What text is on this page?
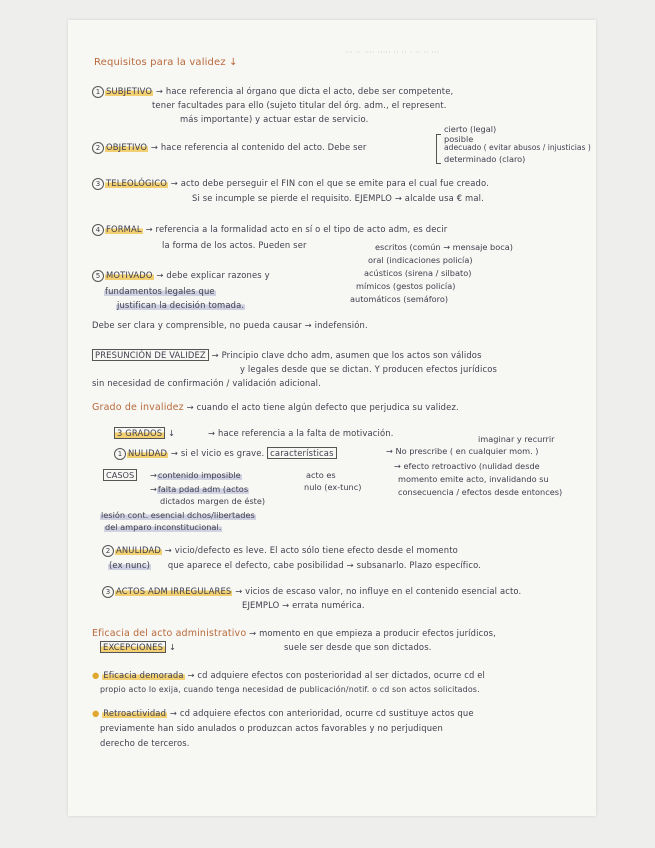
Requisitos para la validez ↓
··· ·· ···· ····· ·· ·· · ·· ·· ···
1 SUBJETIVO → hace referencia al órgano que dicta el acto, debe ser competente,
tener facultades para ello (sujeto titular del órg. adm., el represent.
más importante) y actuar estar de servicio.
cierto (legal)
posible
adecuado ( evitar abusos / injusticias )
determinado (claro)
2 OBJETIVO → hace referencia al contenido del acto. Debe ser
3 TELEOLÓGICO → acto debe perseguir el FIN con el que se emite para el cual fue creado.
Si se incumple se pierde el requisito. EJEMPLO → alcalde usa € mal.
4 FORMAL → referencia a la formalidad acto en sí o el tipo de acto adm, es decir
la forma de los actos. Pueden ser	escritos (común → mensaje boca)
oral (indicaciones policía)
acústicos (sirena / silbato)
mímicos (gestos policía)
automáticos (semáforo)
5 MOTIVADO → debe explicar razones y
fundamentos legales que
justifican la decisión tomada.
Debe ser clara y comprensible, no pueda causar → indefensión.
PRESUNCIÓN DE VALIDEZ → Principio clave dcho adm, asumen que los actos son válidos
y legales desde que se dictan. Y producen efectos jurídicos
sin necesidad de confirmación / validación adicional.
Grado de invalidez → cuando el acto tiene algún defecto que perjudica su validez.
3 GRADOS ↓	→ hace referencia a la falta de motivación.
1 NULIDAD → si el vicio es grave. características
imaginar y recurrir
→ No prescribe ( en cualquier mom. )
→ efecto retroactivo (nulidad desde
momento emite acto, invalidando su
consecuencia / efectos desde entonces)
acto es
nulo (ex-tunc)
CASOS	→contenido imposible
→falta pdad adm (actos
dictados margen de éste)
lesión cont. esencial dchos/libertades
del amparo inconstitucional.
2 ANULIDAD → vicio/defecto es leve. El acto sólo tiene efecto desde el momento
(ex nunc) que aparece el defecto, cabe posibilidad → subsanarlo. Plazo específico.
3 ACTOS ADM IRREGULARES → vicios de escaso valor, no influye en el contenido esencial acto.
EJEMPLO → errata numérica.
Eficacia del acto administrativo → momento en que empieza a producir efectos jurídicos,
suele ser desde que son dictados.
EXCEPCIONES ↓
● Eficacia demorada → cd adquiere efectos con posterioridad al ser dictados, ocurre cd el
propio acto lo exija, cuando tenga necesidad de publicación/notif. o cd son actos solicitados.
● Retroactividad → cd adquiere efectos con anterioridad, ocurre cd sustituye actos que
previamente han sido anulados o produzcan actos favorables y no perjudiquen
derecho de terceros.
